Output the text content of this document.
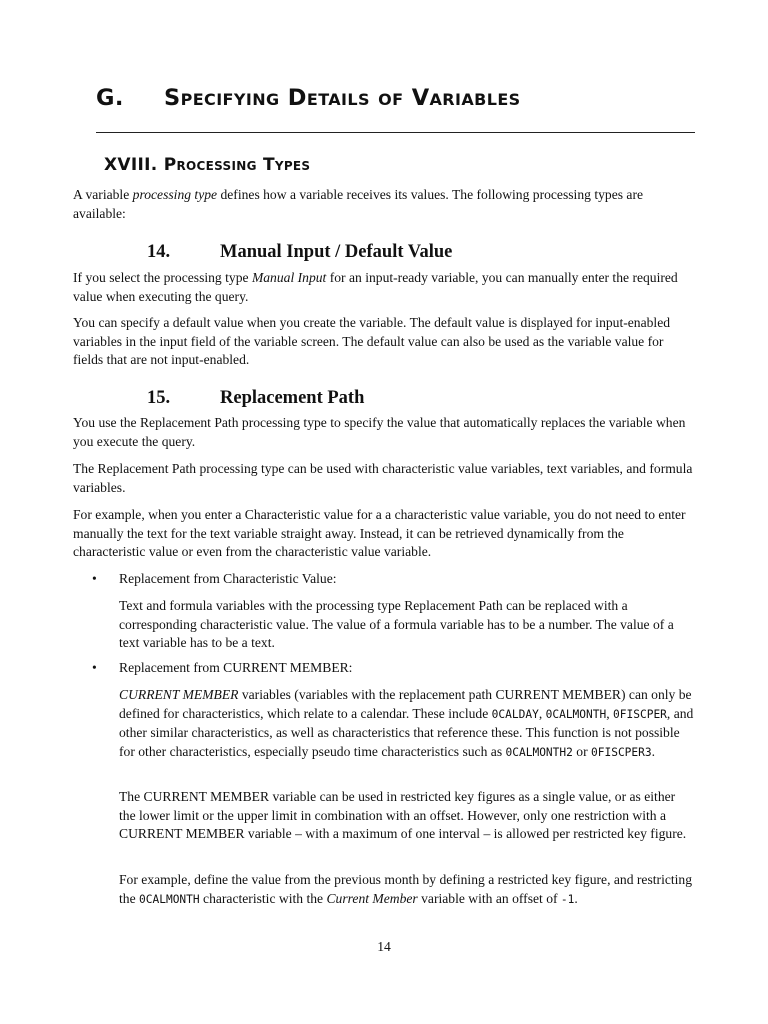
G. Specifying Details of Variables
XVIII. Processing Types

A variable processing type defines how a variable receives its values. The following processing types are available:

14.	Manual Input / Default Value

If you select the processing type Manual Input for an input-ready variable, you can manually enter the required value when executing the query.

You can specify a default value when you create the variable. The default value is displayed for input-enabled variables in the input field of the variable screen. The default value can also be used as the variable value for fields that are not input-enabled.

15.	Replacement Path

You use the Replacement Path processing type to specify the value that automatically replaces the variable when you execute the query.

The Replacement Path processing type can be used with characteristic value variables, text variables, and formula variables.

For example, when you enter a Characteristic value for a a characteristic value variable, you do not need to enter manually the text for the text variable straight away. Instead, it can be retrieved dynamically from the characteristic value or even from the characteristic value variable.

• Replacement from Characteristic Value:

Text and formula variables with the processing type Replacement Path can be replaced with a corresponding characteristic value. The value of a formula variable has to be a number. The value of a text variable has to be a text.

• Replacement from CURRENT MEMBER:

CURRENT MEMBER variables (variables with the replacement path CURRENT MEMBER) can only be defined for characteristics, which relate to a calendar. These include 0CALDAY, 0CALMONTH, 0FISCPER, and other similar characteristics, as well as characteristics that reference these. This function is not possible for other characteristics, especially pseudo time characteristics such as 0CALMONTH2 or 0FISCPER3.

The CURRENT MEMBER variable can be used in restricted key figures as a single value, or as either the lower limit or the upper limit in combination with an offset. However, only one restriction with a CURRENT MEMBER variable – with a maximum of one interval – is allowed per restricted key figure.

For example, define the value from the previous month by defining a restricted key figure, and restricting the 0CALMONTH characteristic with the Current Member variable with an offset of -1.

14
